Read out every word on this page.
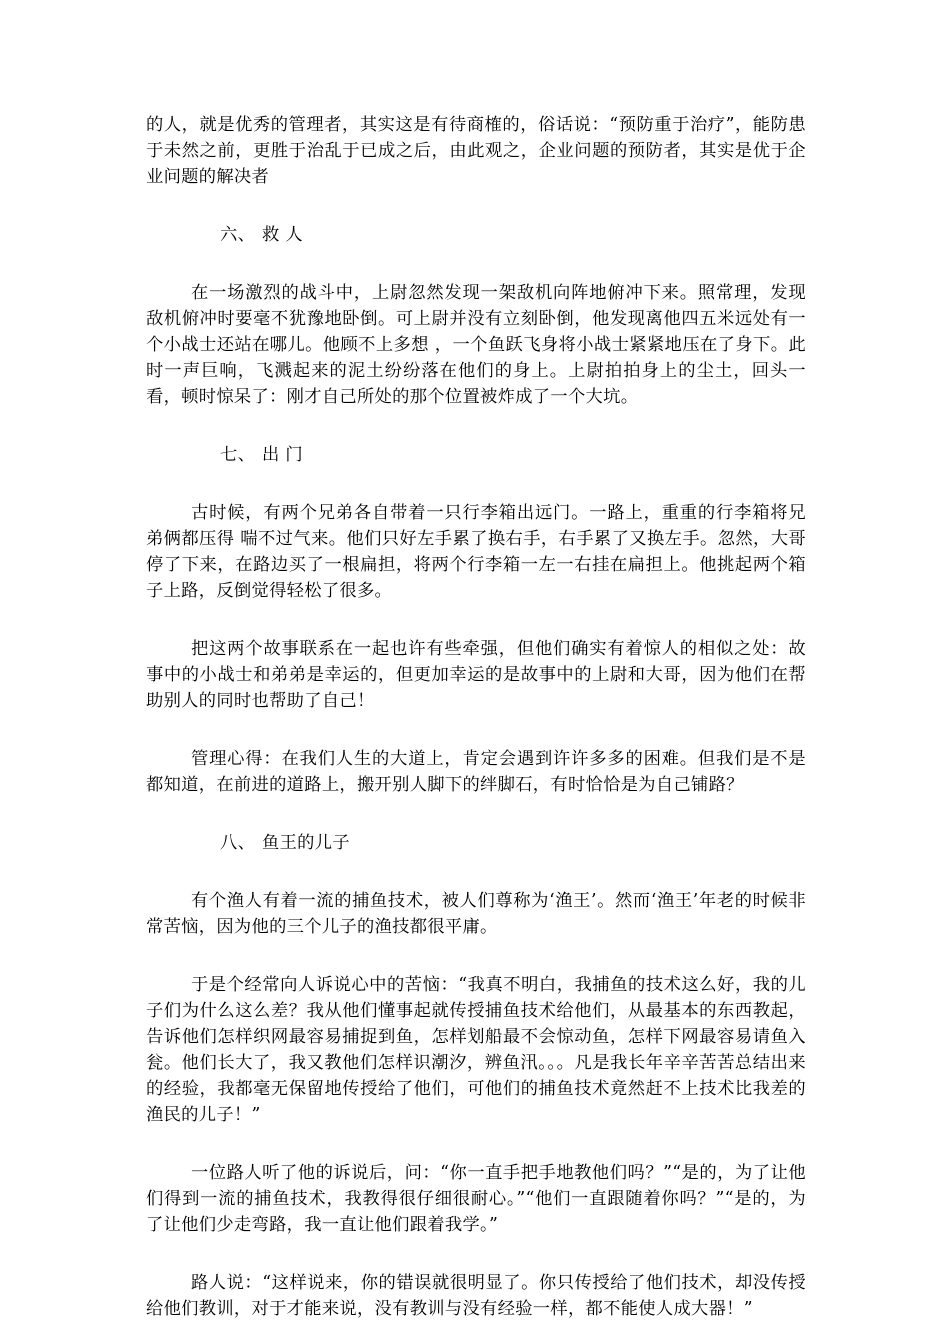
的人，就是优秀的管理者，其实这是有待商榷的，俗话说：“预防重于治疗”，能防患于未然之前，更胜于治乱于已成之后，由此观之，企业问题的预防者，其实是优于企业问题的解决者

六、 救 人

在一场激烈的战斗中，上尉忽然发现一架敌机向阵地俯冲下来。照常理，发现敌机俯冲时要毫不犹豫地卧倒。可上尉并没有立刻卧倒，他发现离他四五米远处有一个小战士还站在哪儿。他顾不上多想 ，一个鱼跃飞身将小战士紧紧地压在了身下。此时一声巨响，飞溅起来的泥土纷纷落在他们的身上。上尉拍拍身上的尘土，回头一看，顿时惊呆了：刚才自己所处的那个位置被炸成了一个大坑。

七、 出 门

古时候，有两个兄弟各自带着一只行李箱出远门。一路上，重重的行李箱将兄弟俩都压得 喘不过气来。他们只好左手累了换右手，右手累了又换左手。忽然，大哥停了下来，在路边买了一根扁担，将两个行李箱一左一右挂在扁担上。他挑起两个箱子上路，反倒觉得轻松了很多。

把这两个故事联系在一起也许有些牵强，但他们确实有着惊人的相似之处：故事中的小战士和弟弟是幸运的，但更加幸运的是故事中的上尉和大哥，因为他们在帮助别人的同时也帮助了自己！

管理心得：在我们人生的大道上，肯定会遇到许许多多的困难。但我们是不是都知道，在前进的道路上，搬开别人脚下的绊脚石，有时恰恰是为自己铺路？

八、 鱼王的儿子

有个渔人有着一流的捕鱼技术，被人们尊称为‘渔王’。然而‘渔王’年老的时候非常苦恼，因为他的三个儿子的渔技都很平庸。

于是个经常向人诉说心中的苦恼：“我真不明白，我捕鱼的技术这么好，我的儿子们为什么这么差？我从他们懂事起就传授捕鱼技术给他们，从最基本的东西教起，告诉他们怎样织网最容易捕捉到鱼，怎样划船最不会惊动鱼，怎样下网最容易请鱼入瓮。他们长大了，我又教他们怎样识潮汐，辨鱼汛。。。凡是我长年辛辛苦苦总结出来的经验，我都毫无保留地传授给了他们，可他们的捕鱼技术竟然赶不上技术比我差的渔民的儿子！”

一位路人听了他的诉说后，问：“你一直手把手地教他们吗？”“是的，为了让他们得到一流的捕鱼技术，我教得很仔细很耐心。”“他们一直跟随着你吗？”“是的，为了让他们少走弯路，我一直让他们跟着我学。”

路人说：“这样说来，你的错误就很明显了。你只传授给了他们技术，却没传授给他们教训，对于才能来说，没有教训与没有经验一样，都不能使人成大器！”
